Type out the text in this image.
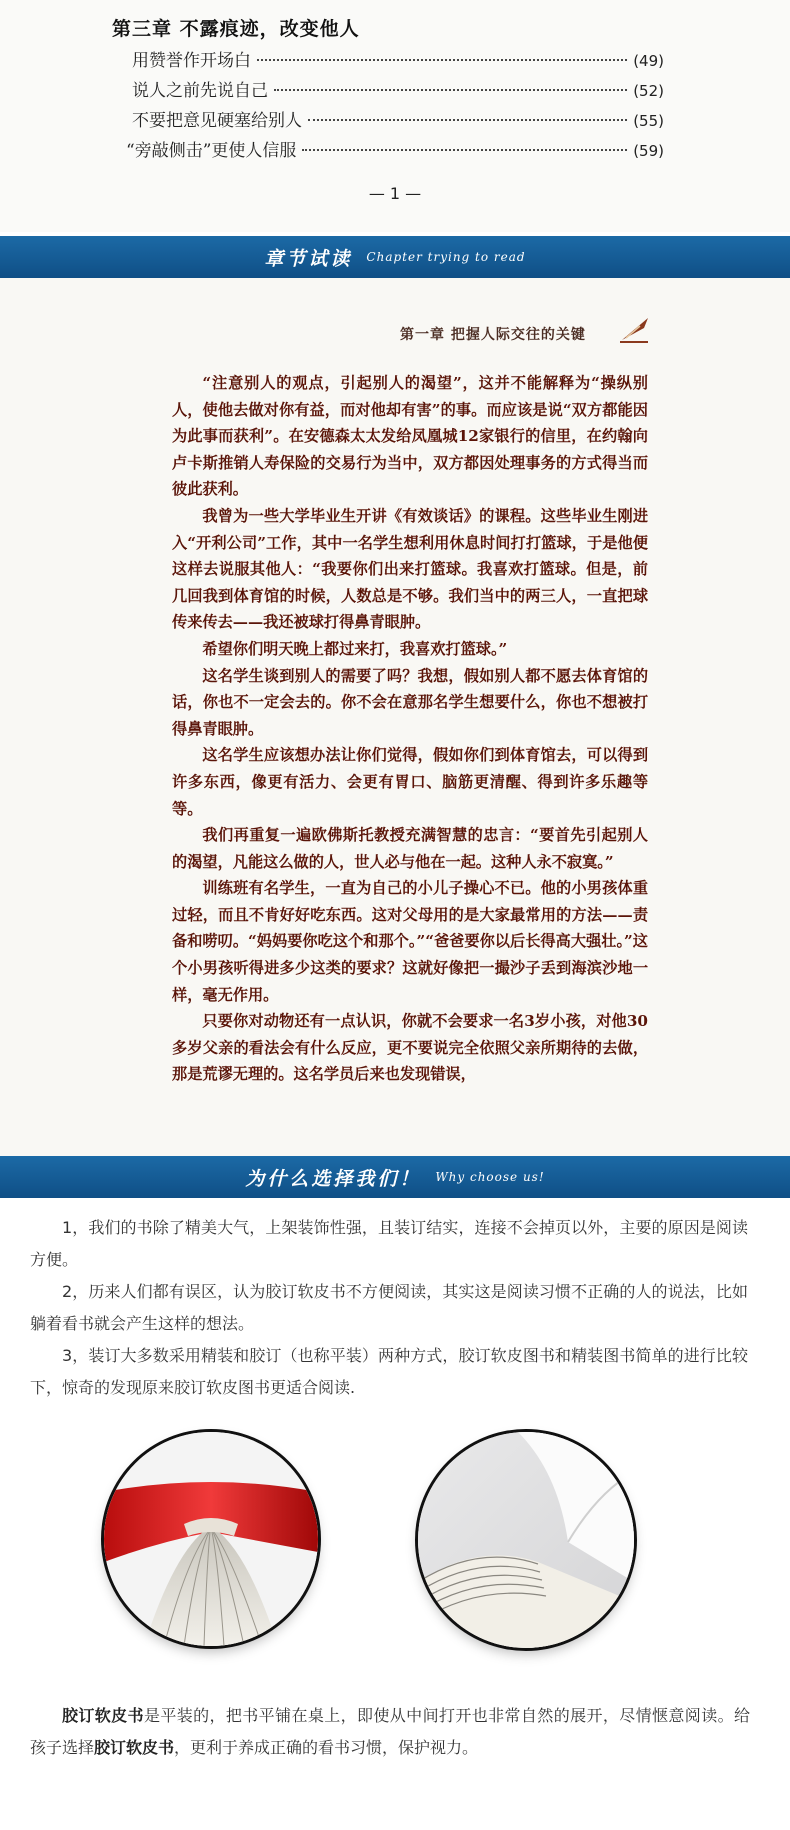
第三章 不露痕迹，改变他人
用赞誉作开场白	(49)
说人之前先说自己	(52)
不要把意见硬塞给别人	(55)
“旁敲侧击”更使人信服	(59)
— 1 —
章节试读 Chapter trying to read
第一章 把握人际交往的关键

“注意别人的观点，引起别人的渴望”，这并不能解释为“操纵别人，使他去做对你有益，而对他却有害”的事。而应该是说“双方都能因为此事而获利”。在安德森太太发给凤凰城12家银行的信里，在约翰向卢卡斯推销人寿保险的交易行为当中，双方都因处理事务的方式得当而彼此获利。

我曾为一些大学毕业生开讲《有效谈话》的课程。这些毕业生刚进入“开利公司”工作，其中一名学生想利用休息时间打打篮球，于是他便这样去说服其他人：“我要你们出来打篮球。我喜欢打篮球。但是，前几回我到体育馆的时候，人数总是不够。我们当中的两三人，一直把球传来传去——我还被球打得鼻青眼肿。

希望你们明天晚上都过来打，我喜欢打篮球。”

这名学生谈到别人的需要了吗？我想，假如别人都不愿去体育馆的话，你也不一定会去的。你不会在意那名学生想要什么，你也不想被打得鼻青眼肿。

这名学生应该想办法让你们觉得，假如你们到体育馆去，可以得到许多东西，像更有活力、会更有胃口、脑筋更清醒、得到许多乐趣等等。

我们再重复一遍欧佛斯托教授充满智慧的忠言：“要首先引起别人的渴望，凡能这么做的人，世人必与他在一起。这种人永不寂寞。”

训练班有名学生，一直为自己的小儿子操心不已。他的小男孩体重过轻，而且不肯好好吃东西。这对父母用的是大家最常用的方法——责备和唠叨。“妈妈要你吃这个和那个。”“爸爸要你以后长得高大强壮。”这个小男孩听得进多少这类的要求？这就好像把一撮沙子丢到海滨沙地一样，毫无作用。

只要你对动物还有一点认识，你就不会要求一名3岁小孩，对他30多岁父亲的看法会有什么反应，更不要说完全依照父亲所期待的去做，那是荒谬无理的。这名学员后来也发现错误，

为什么选择我们！ Why choose us!

1，我们的书除了精美大气，上架装饰性强，且装订结实，连接不会掉页以外，主要的原因是阅读方便。

2，历来人们都有误区，认为胶订软皮书不方便阅读，其实这是阅读习惯不正确的人的说法，比如躺着看书就会产生这样的想法。

3，装订大多数采用精装和胶订（也称平装）两种方式，胶订软皮图书和精装图书简单的进行比较下，惊奇的发现原来胶订软皮图书更适合阅读.

胶订软皮书是平装的，把书平铺在桌上，即使从中间打开也非常自然的展开，尽情惬意阅读。给孩子选择胶订软皮书，更利于养成正确的看书习惯，保护视力。
